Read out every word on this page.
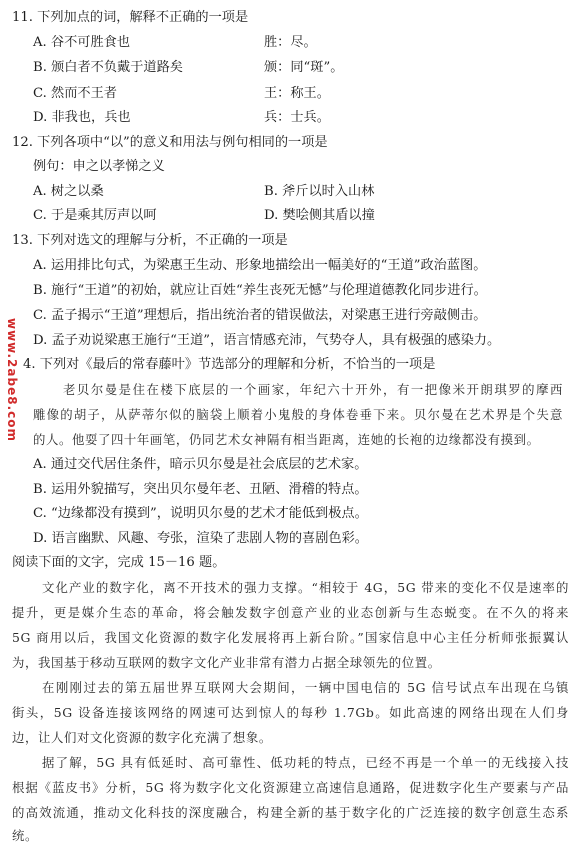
www.2abe8.com
11. 下列加点的词，解释不正确的一项是
A. 谷不可胜食也	胜：尽。
B. 颁白者不负戴于道路矣	颁：同“斑”。
C. 然而不王者	王：称王。
D. 非我也，兵也	兵：士兵。
12. 下列各项中“以”的意义和用法与例句相同的一项是
例句：申之以孝悌之义
A. 树之以桑	B. 斧斤以时入山林
C. 于是乘其厉声以呵	D. 樊哙侧其盾以撞
13. 下列对选文的理解与分析，不正确的一项是
A. 运用排比句式，为梁惠王生动、形象地描绘出一幅美好的“王道”政治蓝图。
B. 施行“王道”的初始，就应让百姓“养生丧死无憾”与伦理道德教化同步进行。
C. 孟子揭示“王道”理想后，指出统治者的错误做法，对梁惠王进行旁敲侧击。
D. 孟子劝说梁惠王施行“王道”，语言情感充沛，气势夺人，具有极强的感染力。
4. 下列对《最后的常春藤叶》节选部分的理解和分析，不恰当的一项是
老贝尔曼是住在楼下底层的一个画家，年纪六十开外，有一把像米开朗琪罗的摩西
雕像的胡子，从萨蒂尔似的脑袋上顺着小鬼般的身体卷垂下来。贝尔曼在艺术界是个失意
的人。他耍了四十年画笔，仍同艺术女神隔有相当距离，连她的长袍的边缘都没有摸到。
A. 通过交代居住条件，暗示贝尔曼是社会底层的艺术家。
B. 运用外貌描写，突出贝尔曼年老、丑陋、滑稽的特点。
C. “边缘都没有摸到”，说明贝尔曼的艺术才能低到极点。
D. 语言幽默、风趣、夸张，渲染了悲剧人物的喜剧色彩。
阅读下面的文字，完成 15－16 题。
文化产业的数字化，离不开技术的强力支撑。“相较于 4G，5G 带来的变化不仅是速率的
提升，更是媒介生态的革命，将会触发数字创意产业的业态创新与生态蜕变。在不久的将来
5G 商用以后，我国文化资源的数字化发展将再上新台阶。”国家信息中心主任分析师张振翼认
为，我国基于移动互联网的数字文化产业非常有潜力占据全球领先的位置。
在刚刚过去的第五届世界互联网大会期间，一辆中国电信的 5G 信号试点车出现在乌镇
街头，5G 设备连接该网络的网速可达到惊人的每秒 1.7Gb。如此高速的网络出现在人们身
边，让人们对文化资源的数字化充满了想象。
据了解，5G 具有低延时、高可靠性、低功耗的特点，已经不再是一个单一的无线接入技
根据《蓝皮书》分析，5G 将为数字化文化资源建立高速信息通路，促进数字化生产要素与产品
的高效流通，推动文化科技的深度融合，构建全新的基于数字化的广泛连接的数字创意生态系
统。
